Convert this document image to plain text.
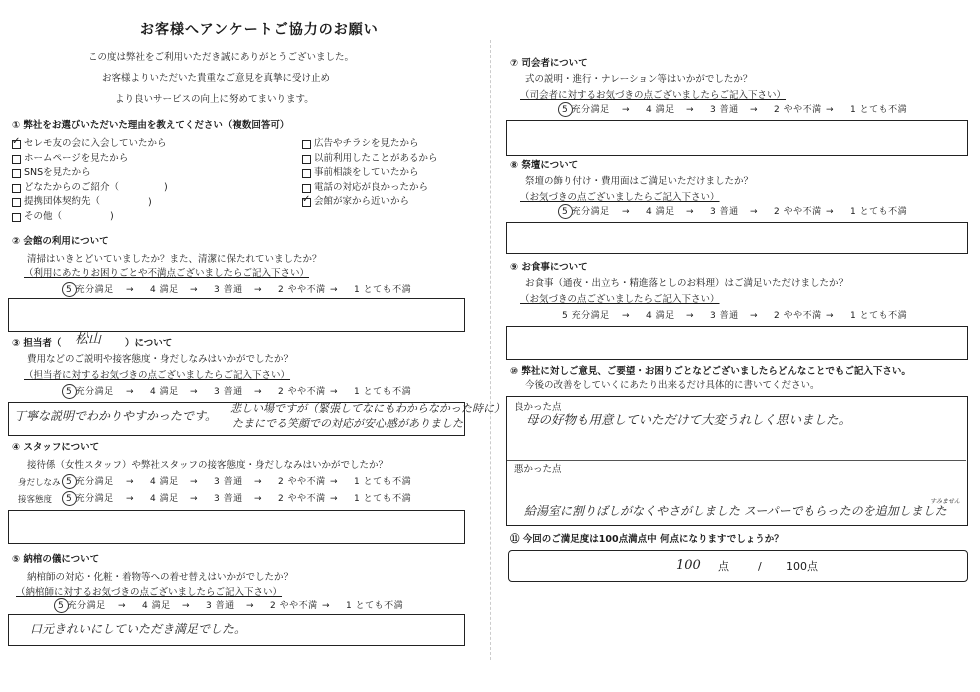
お客様へアンケートご協力のお願い
この度は弊社をご利用いただき誠にありがとうございました。
お客様よりいただいた貴重なご意見を真摯に受け止め
より良いサービスの向上に努めてまいります。
① 弊社をお選びいただいた理由を教えてください（複数回答可）
✓ セレモ友の会に入会していたから
ホームページを見たから
SNSを見たから
どなたからのご紹介（
提携団体契約先（
その他（
)
)
)
広告やチラシを見たから
以前利用したことがあるから
事前相談をしていたから
電話の対応が良かったから
✓ 会館が家から近いから
② 会館の利用について
清掃はいきとどいていましたか？また、清潔に保たれていましたか？
（利用にあたりお困りごとや不満点ございましたらご記入下さい）
5 充分満足 → 4 満足 → 3 普通 → 2 やや不満 → 1 とても不満
③ 担当者（ 松山	）について
費用などのご説明や接客態度・身だしなみはいかがでしたか？
（担当者に対するお気づきの点ございましたらご記入下さい）
5 充分満足 → 4 満足 → 3 普通 → 2 やや不満 → 1 とても不満
丁寧な説明でわかりやすかったです。
悲しい場ですが（緊張してなにもわからなかった時に）
たまにでる笑顔での対応が安心感がありました
④ スタッフについて
接待係（女性スタッフ）や弊社スタッフの接客態度・身だしなみはいかがでしたか？
身だしなみ 5 充分満足 → 4 満足 → 3 普通 → 2 やや不満 → 1 とても不満
接客態度 5 充分満足 → 4 満足 → 3 普通 → 2 やや不満 → 1 とても不満
⑤ 納棺の儀について
納棺師の対応・化粧・着物等への着せ替えはいかがでしたか？
（納棺師に対するお気づきの点ございましたらご記入下さい）
5 充分満足 → 4 満足 → 3 普通 → 2 やや不満 → 1 とても不満
口元きれいにしていただき満足でした。
⑦ 司会者について
式の説明・進行・ナレーション等はいかがでしたか？
（司会者に対するお気づきの点ございましたらご記入下さい）
5 充分満足 → 4 満足 → 3 普通 → 2 やや不満 → 1 とても不満
⑧ 祭壇について
祭壇の飾り付け・費用面はご満足いただけましたか？
（お気づきの点ございましたらご記入下さい）
5 充分満足 → 4 満足 → 3 普通 → 2 やや不満 → 1 とても不満
⑨ お食事について
お食事（通夜・出立ち・精進落としのお料理）はご満足いただけましたか？
（お気づきの点ございましたらご記入下さい）
5 充分満足 → 4 満足 → 3 普通 → 2 やや不満 → 1 とても不満
⑩ 弊社に対しご意見、ご要望・お困りごとなどございましたらどんなことでもご記入下さい。
今後の改善をしていくにあたり出来るだけ具体的に書いてください。
良かった点
母の好物も用意していただけて大変うれしく思いました。
悪かった点
給湯室に割りばしがなくやさがしました スーパーでもらったのを追加しました
すみません
⑪ 今回のご満足度は100点満点中 何点になりますでしょうか？
100 点	/ 100点
